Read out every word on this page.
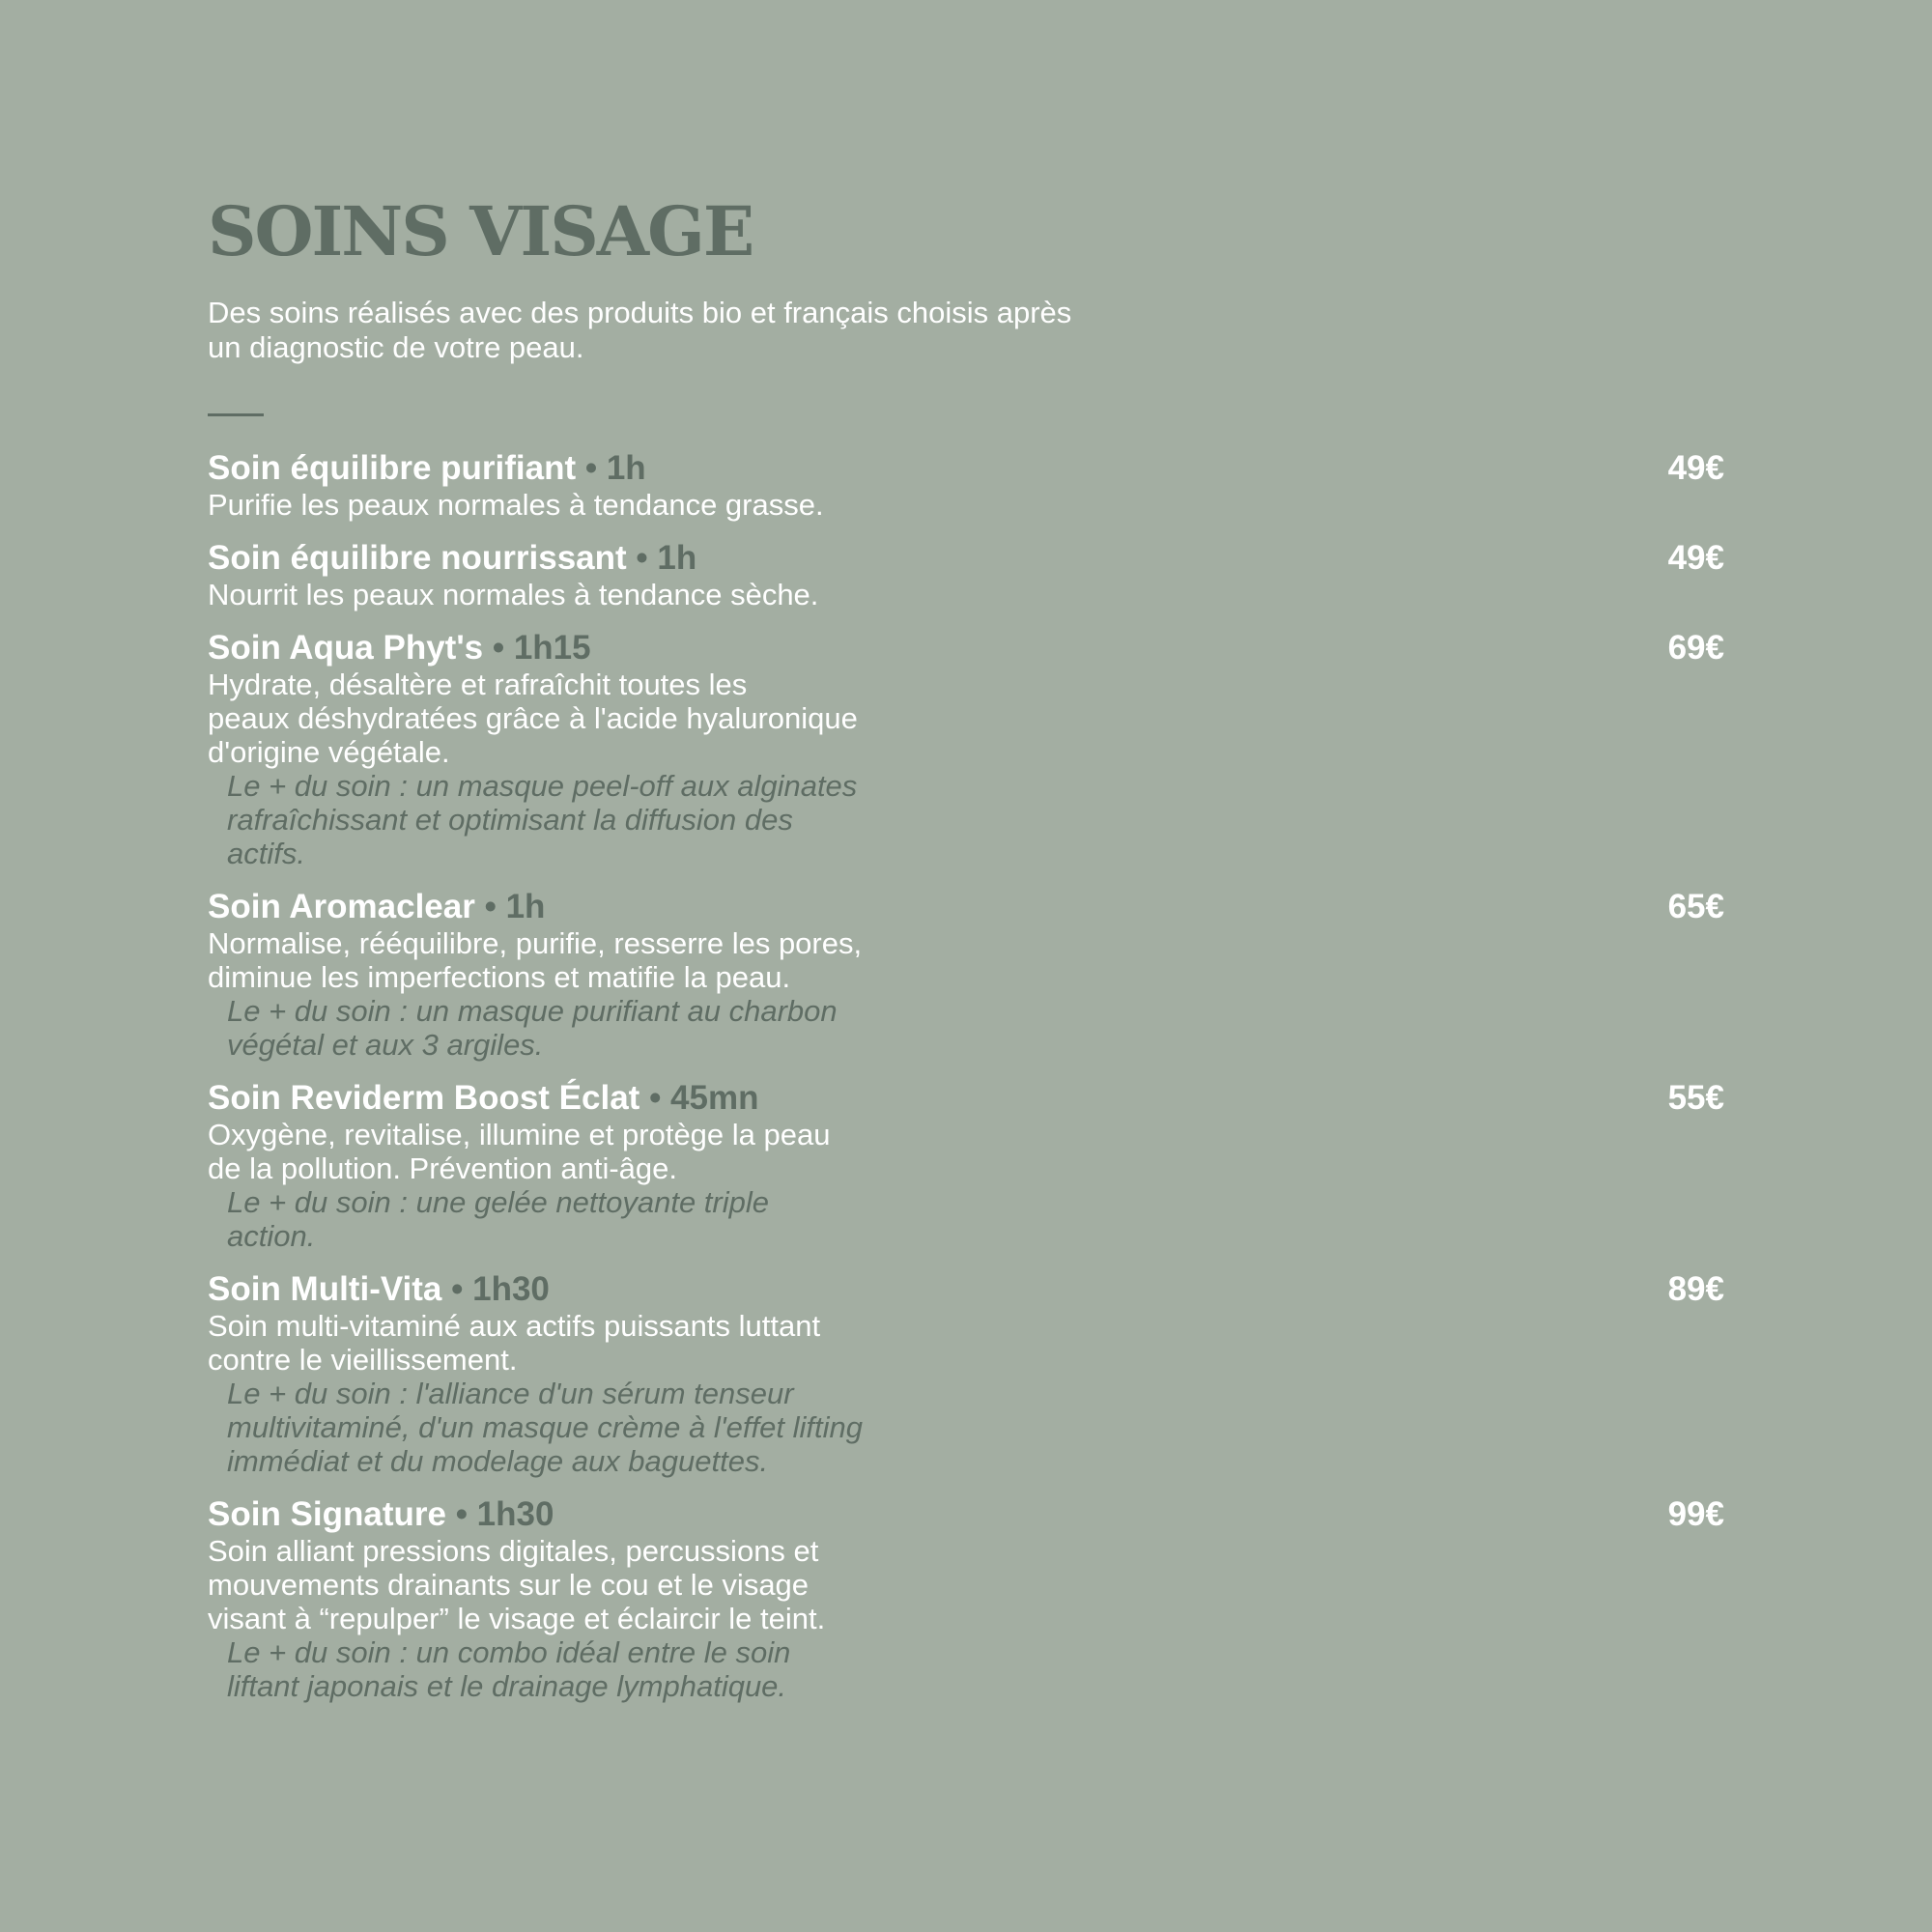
SOINS VISAGE

Des soins réalisés avec des produits bio et français choisis après un diagnostic de votre peau.

Soin équilibre purifiant • 1h	49€
Purifie les peaux normales à tendance grasse.
Soin équilibre nourrissant • 1h	49€
Nourrit les peaux normales à tendance sèche.
Soin Aqua Phyt's • 1h15	69€
Hydrate, désaltère et rafraîchit toutes les
peaux déshydratées grâce à l'acide hyaluronique
d'origine végétale.
Le + du soin : un masque peel-off aux alginates
rafraîchissant et optimisant la diffusion des
actifs.
Soin Aromaclear • 1h	65€
Normalise, rééquilibre, purifie, resserre les pores,
diminue les imperfections et matifie la peau.
Le + du soin : un masque purifiant au charbon
végétal et aux 3 argiles.
Soin Reviderm Boost Éclat • 45mn	55€
Oxygène, revitalise, illumine et protège la peau
de la pollution. Prévention anti-âge.
Le + du soin : une gelée nettoyante triple
action.
Soin Multi-Vita • 1h30	89€
Soin multi-vitaminé aux actifs puissants luttant
contre le vieillissement.
Le + du soin : l'alliance d'un sérum tenseur
multivitaminé, d'un masque crème à l'effet lifting
immédiat et du modelage aux baguettes.
Soin Signature • 1h30	99€
Soin alliant pressions digitales, percussions et
mouvements drainants sur le cou et le visage
visant à “repulper” le visage et éclaircir le teint.
Le + du soin : un combo idéal entre le soin
liftant japonais et le drainage lymphatique.
